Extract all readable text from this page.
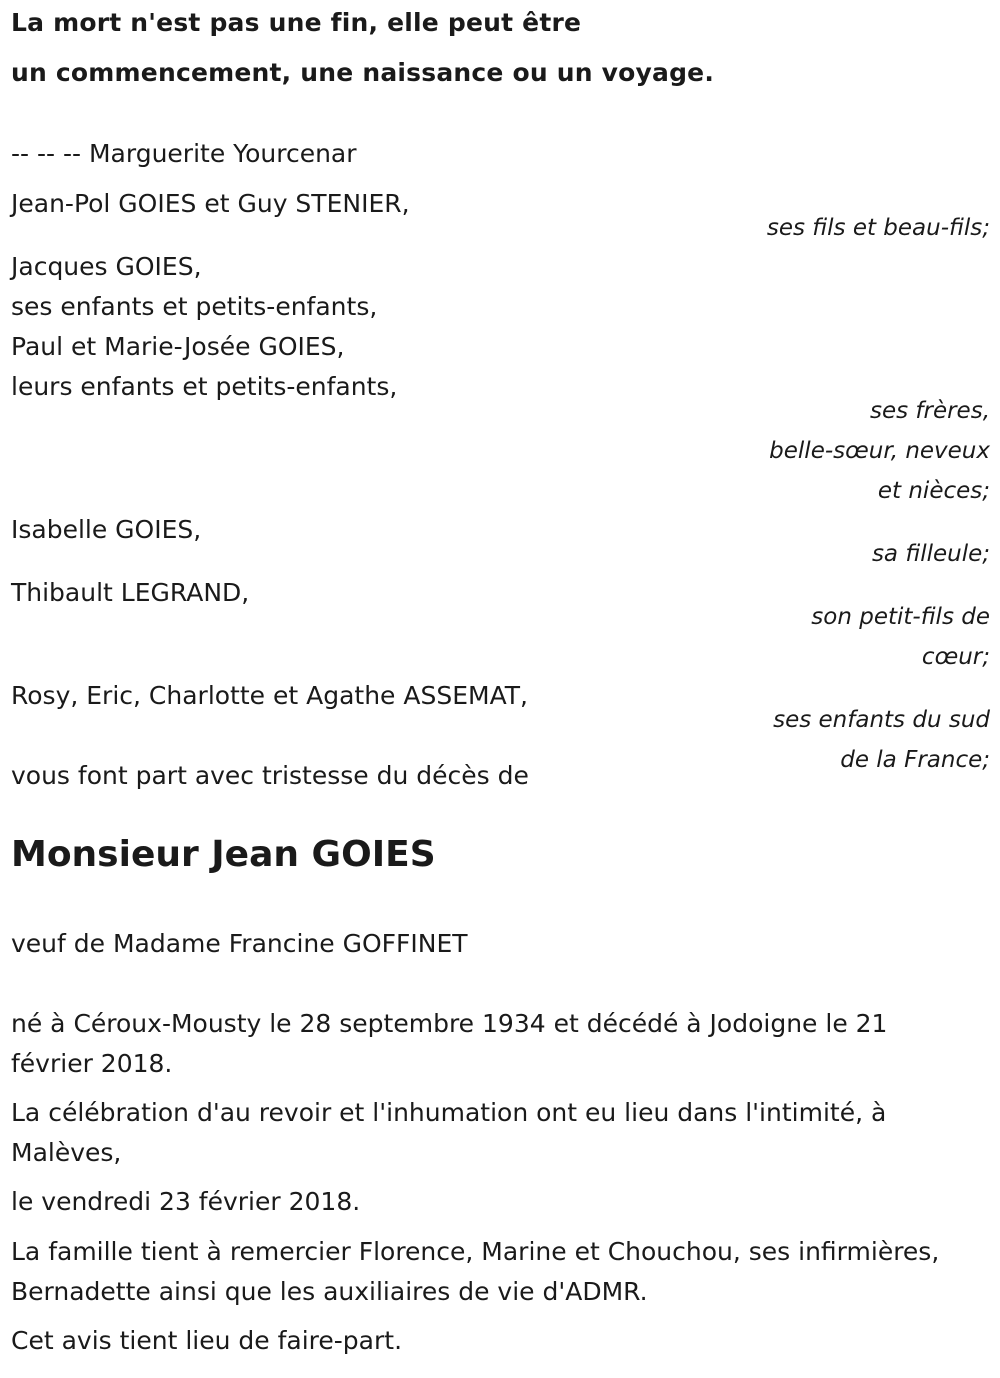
La mort n'est pas une fin, elle peut être
un commencement, une naissance ou un voyage.
-- -- -- Marguerite Yourcenar
Jean-Pol GOIES et Guy STENIER,
ses fils et beau-fils;
Jacques GOIES,
ses enfants et petits-enfants,
Paul et Marie-Josée GOIES,
leurs enfants et petits-enfants,
ses frères,
belle-sœur, neveux
et nièces;
Isabelle GOIES,
sa filleule;
Thibault LEGRAND,
son petit-fils de
cœur;
Rosy, Eric, Charlotte et Agathe ASSEMAT,
ses enfants du sud
de la France;
vous font part avec tristesse du décès de
Monsieur Jean GOIES
veuf de Madame Francine GOFFINET
né à Céroux-Mousty le 28 septembre 1934 et décédé à Jodoigne le 21 février 2018.
La célébration d'au revoir et l'inhumation ont eu lieu dans l'intimité, à Malèves,
le vendredi 23 février 2018.
La famille tient à remercier Florence, Marine et Chouchou, ses infirmières, Bernadette ainsi que les auxiliaires de vie d'ADMR.
Cet avis tient lieu de faire-part.
